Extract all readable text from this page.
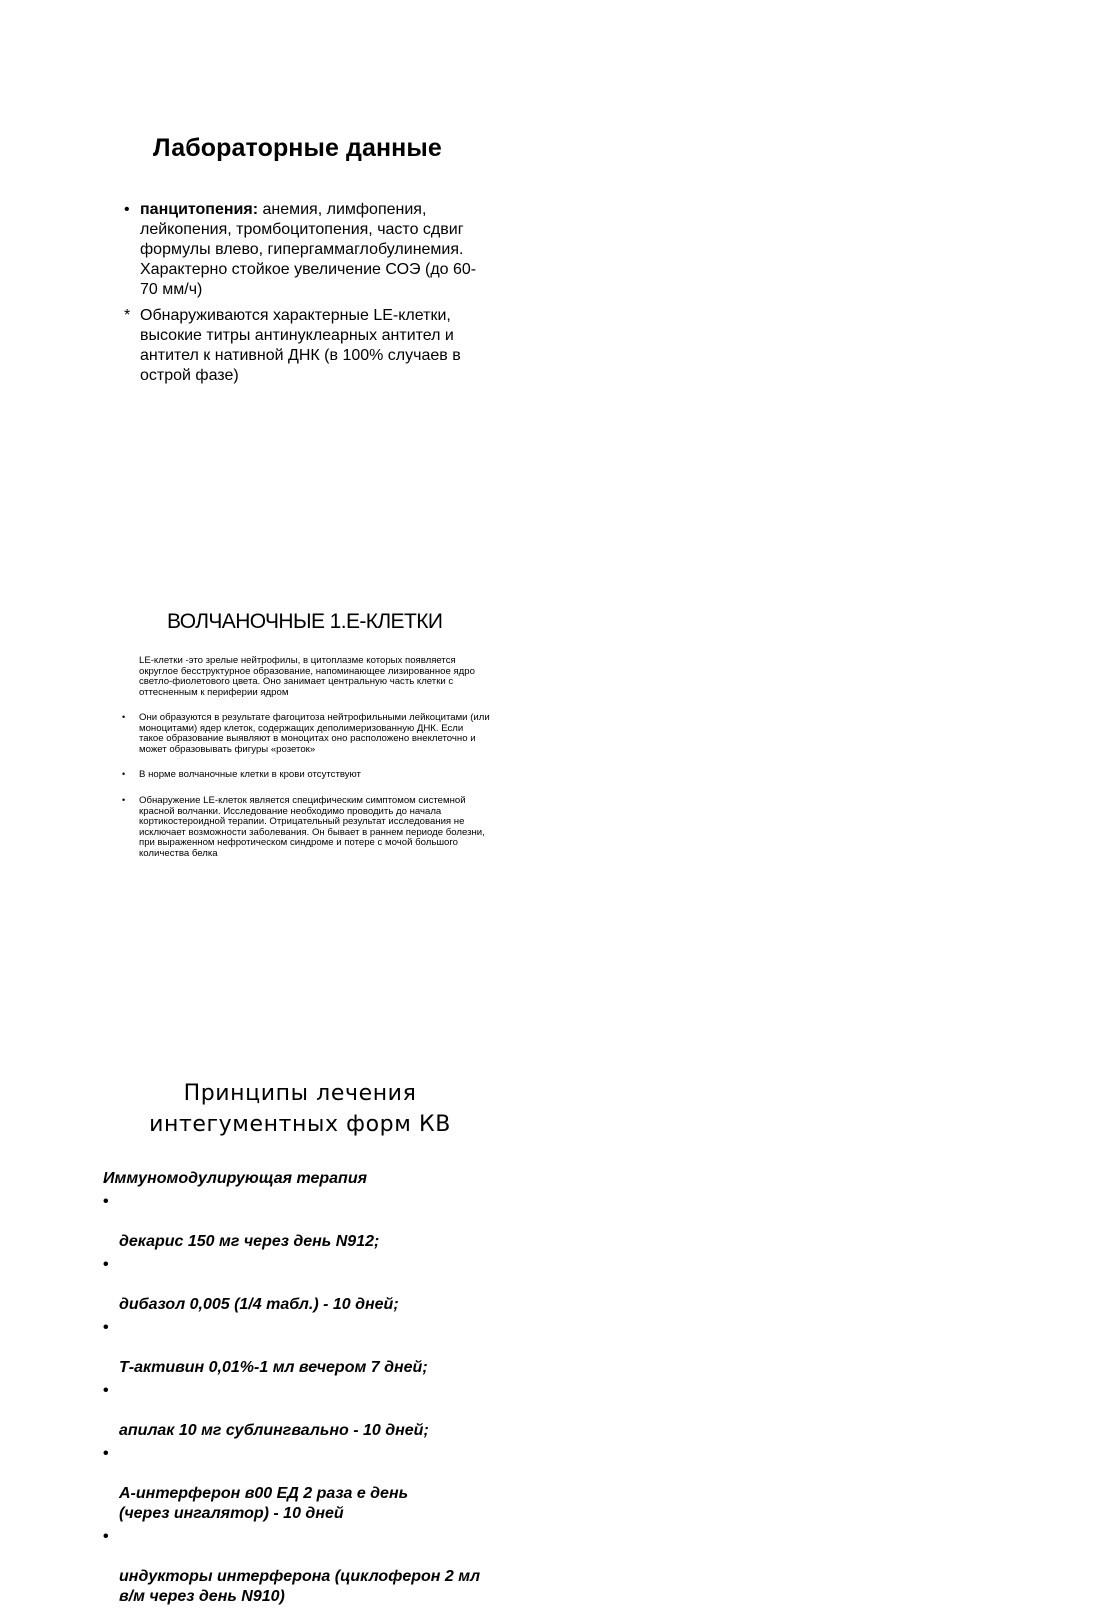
Лабораторные данные
• панцитопения: анемия, лимфопения, лейкопения, тромбоцитопения, часто сдвиг формулы влево, гипергаммаглобулинемия. Характерно стойкое увеличение СОЭ (до 60-70 мм/ч)
* Обнаруживаются характерные LE-клетки, высокие титры антинуклеарных антител и антител к нативной ДНК (в 100% случаев в острой фазе)
ВОЛЧАНОЧНЫЕ 1.Е-КЛЕТКИ
LE-клетки -это зрелые нейтрофилы, в цитоплазме которых появляется округлое бесструктурное образование, напоминающее лизированное ядро светло-фиолетового цвета. Оно занимает центральную часть клетки с оттесненным к периферии ядром
• Они образуются в результате фагоцитоза нейтрофильными лейкоцитами (или моноцитами) ядер клеток, содержащих деполимеризованную ДНК. Если такое образование выявляют в моноцитах оно расположено внеклеточно и может образовывать фигуры «розеток»
• В норме волчаночные клетки в крови отсутствуют
• Обнаружение LE-клеток является специфическим симптомом системной красной волчанки. Исследование необходимо проводить до начала кортикостероидной терапии. Отрицательный результат исследования не исключает возможности заболевания. Он бывает в раннем периоде болезни, при выраженном нефротическом синдроме и потере с мочой большого количества белка
Принципы лечения
интегументных форм КВ
Иммуномодулирующая терапия

•

декарис 150 мг через день N912;

•

дибазол 0,005 (1/4 табл.) - 10 дней;

•

Т-активин 0,01%-1 мл вечером 7 дней;

•

апилак 10 мг сублингвально - 10 дней;

•

А-интерферон в00 ЕД 2 раза е день
(через ингалятор) - 10 дней

•

индукторы интерферона (циклоферон 2 мл
в/м через день N910)
